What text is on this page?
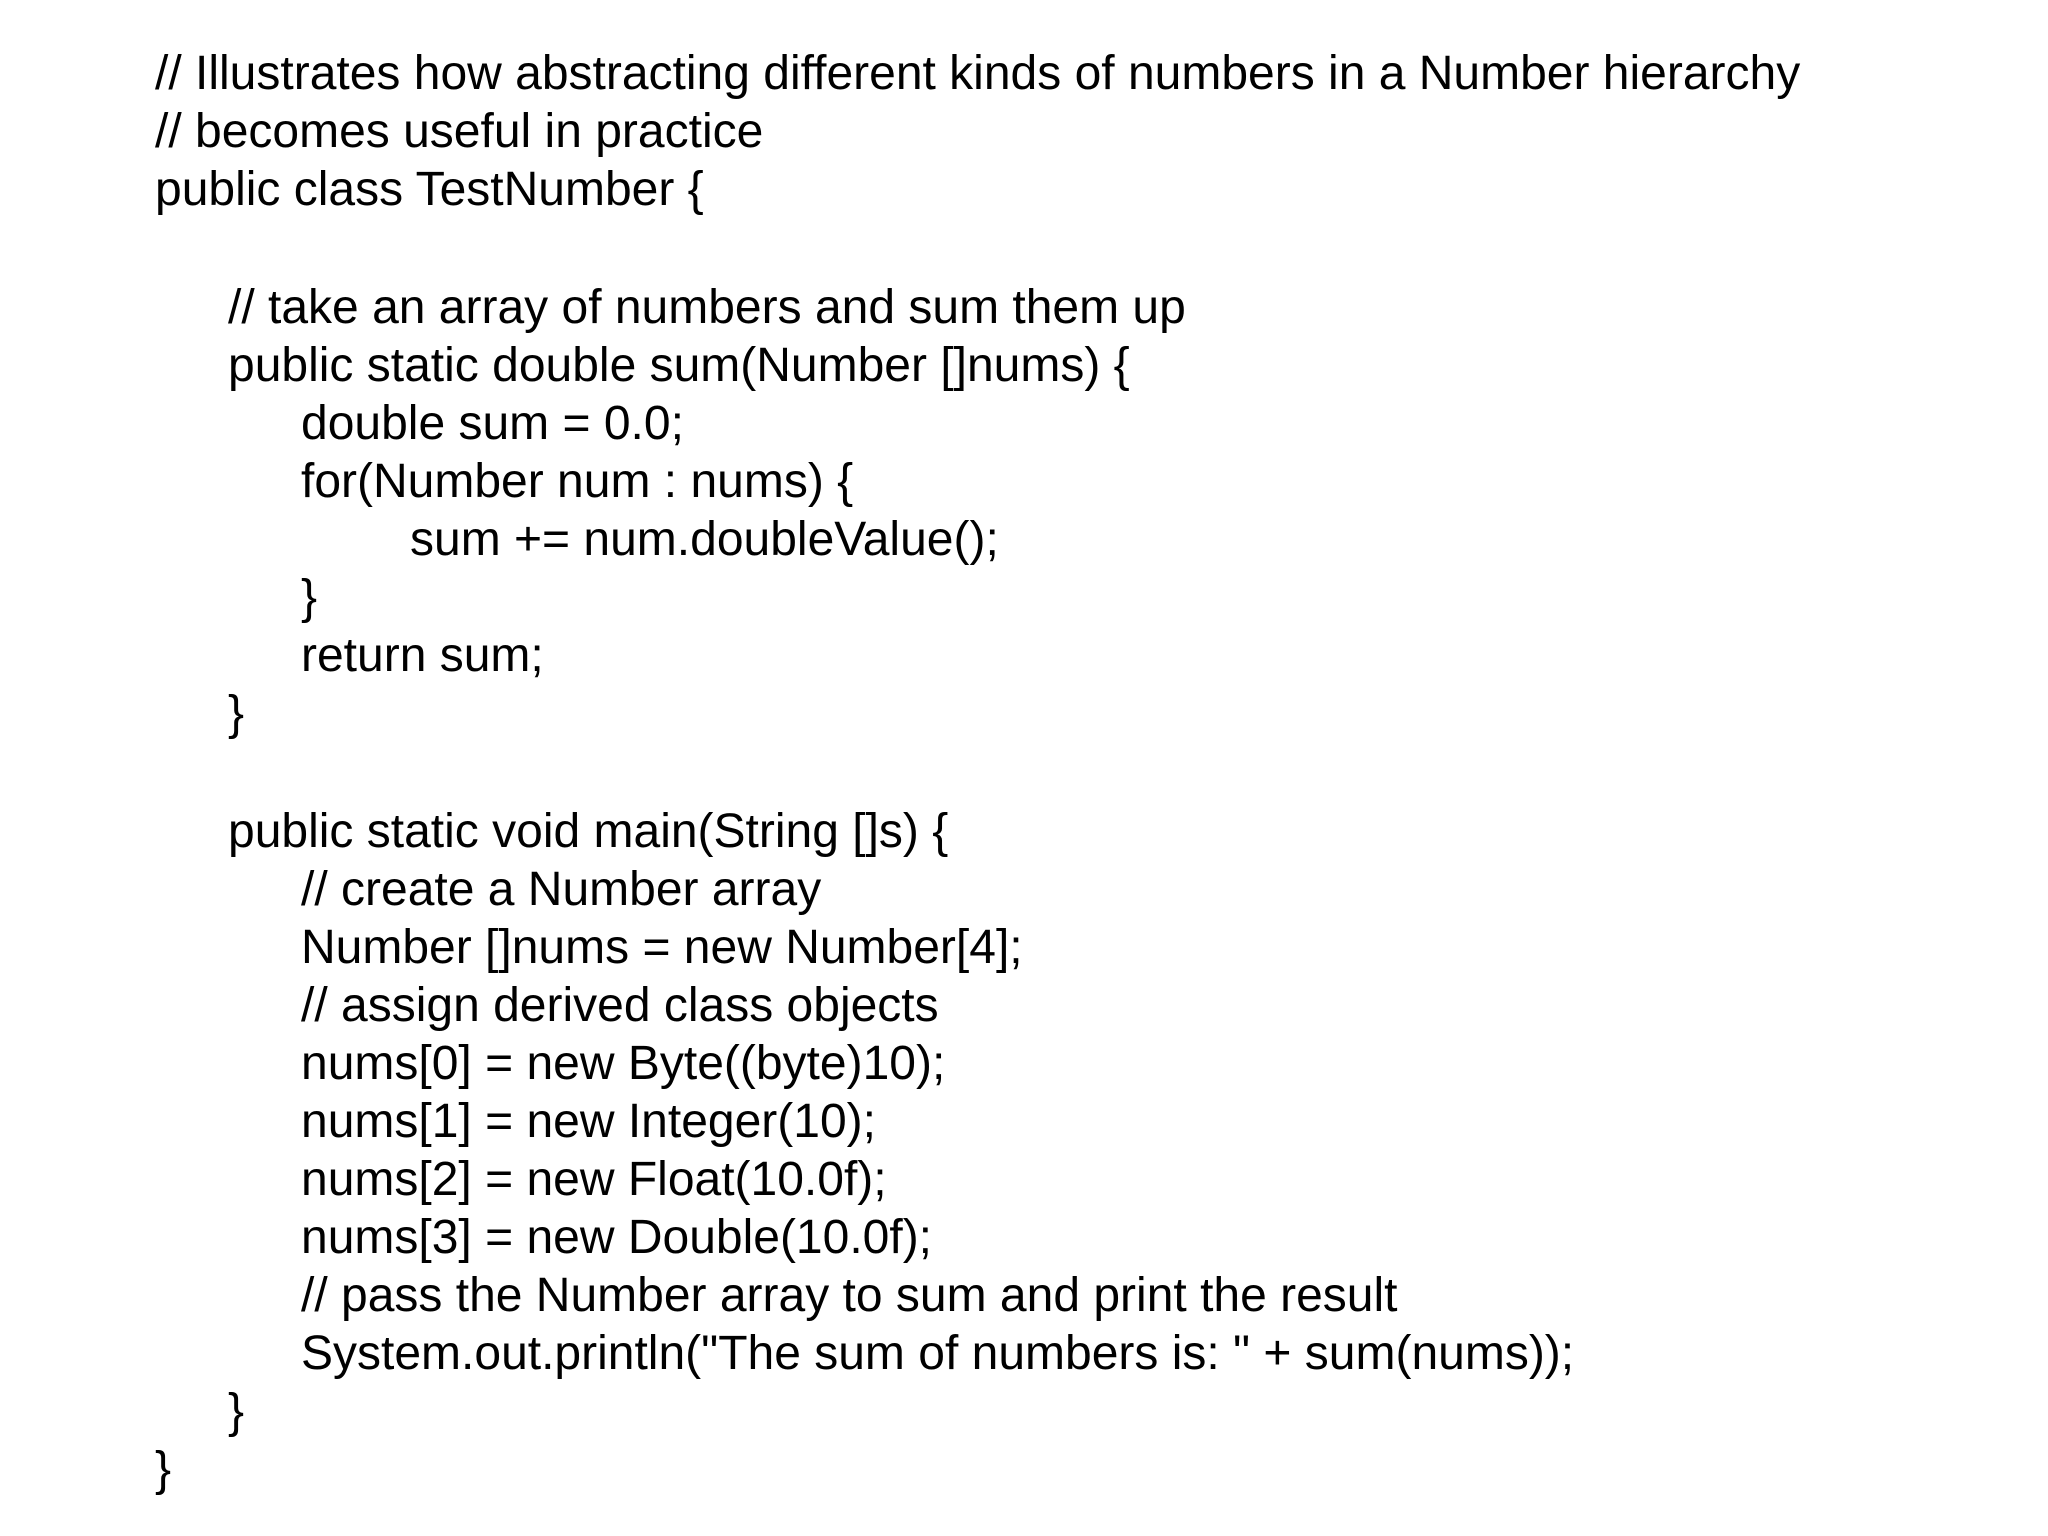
// Illustrates how abstracting different kinds of numbers in a Number hierarchy
// becomes useful in practice
public class TestNumber {
// take an array of numbers and sum them up
public static double sum(Number []nums) {
double sum = 0.0;
for(Number num : nums) {
sum += num.doubleValue();
}
return sum;
}
public static void main(String []s) {
// create a Number array
Number []nums = new Number[4];
// assign derived class objects
nums[0] = new Byte((byte)10);
nums[1] = new Integer(10);
nums[2] = new Float(10.0f);
nums[3] = new Double(10.0f);
// pass the Number array to sum and print the result
System.out.println("The sum of numbers is: " + sum(nums));
}
}
